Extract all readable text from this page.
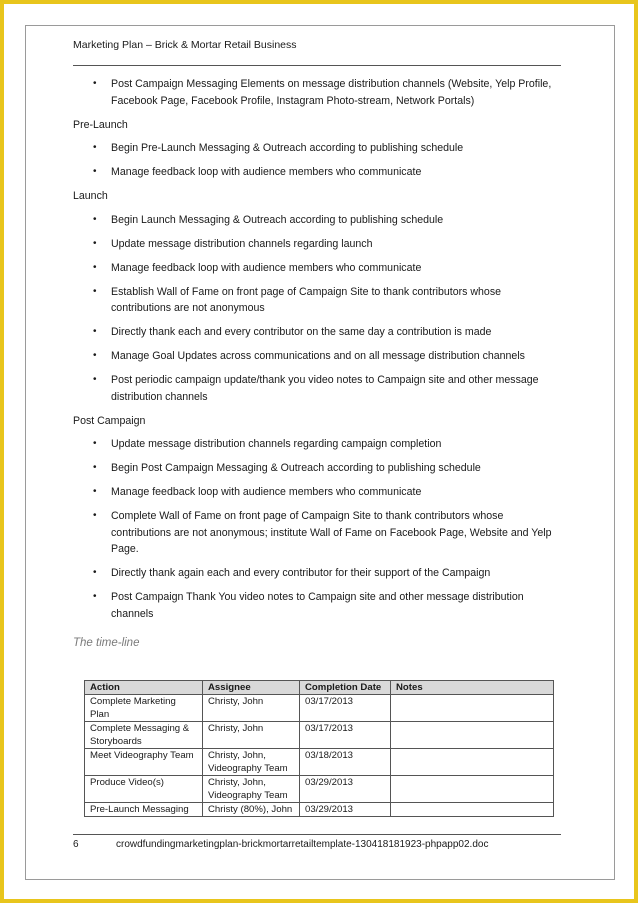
Marketing Plan – Brick & Mortar Retail Business
• Post Campaign Messaging Elements on message distribution channels (Website, Yelp Profile, Facebook Page, Facebook Profile, Instagram Photo-stream, Network Portals)

Pre-Launch

• Begin Pre-Launch Messaging & Outreach according to publishing schedule
• Manage feedback loop with audience members who communicate

Launch

• Begin Launch Messaging & Outreach according to publishing schedule
• Update message distribution channels regarding launch
• Manage feedback loop with audience members who communicate
• Establish Wall of Fame on front page of Campaign Site to thank contributors whose contributions are not anonymous
• Directly thank each and every contributor on the same day a contribution is made
• Manage Goal Updates across communications and on all message distribution channels
• Post periodic campaign update/thank you video notes to Campaign site and other message distribution channels

Post Campaign

• Update message distribution channels regarding campaign completion
• Begin Post Campaign Messaging & Outreach according to publishing schedule
• Manage feedback loop with audience members who communicate
• Complete Wall of Fame on front page of Campaign Site to thank contributors whose contributions are not anonymous; institute Wall of Fame on Facebook Page, Website and Yelp Page.
• Directly thank again each and every contributor for their support of the Campaign
• Post Campaign Thank You video notes to Campaign site and other message distribution channels
The time-line
Action	Assignee	Completion Date	Notes
Complete Marketing Plan	Christy, John	03/17/2013	
Complete Messaging & Storyboards	Christy, John	03/17/2013	
Meet Videography Team	Christy, John, Videography Team	03/18/2013	
Produce Video(s)	Christy, John, Videography Team	03/29/2013	
Pre-Launch Messaging	Christy (80%), John	03/29/2013	
6	crowdfundingmarketingplan-brickmortarretailtemplate-130418181923-phpapp02.doc
